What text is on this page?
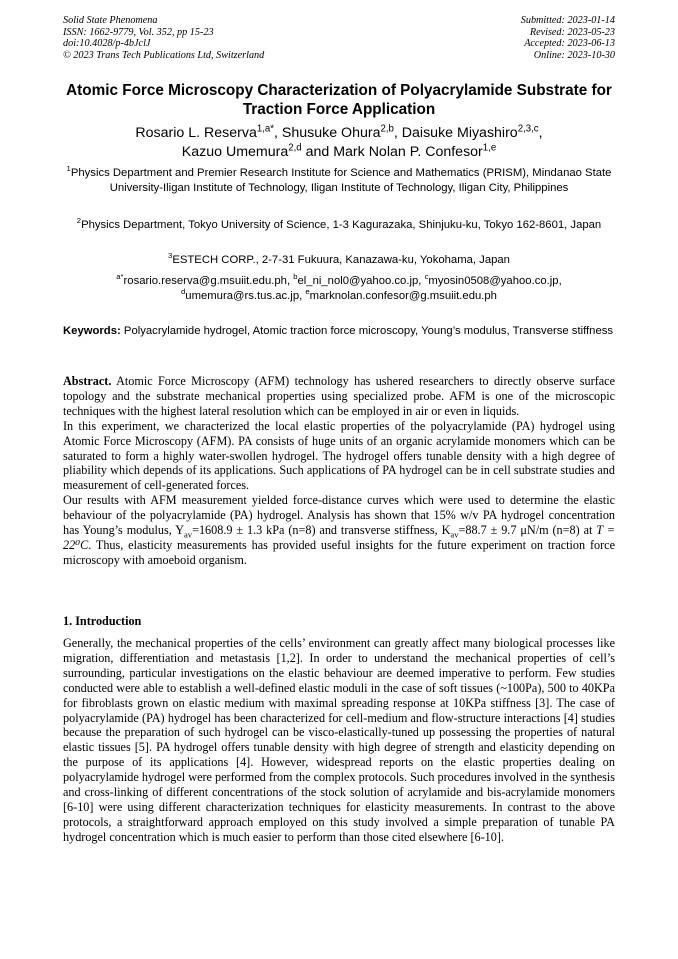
Solid State Phenomena
ISSN: 1662-9779, Vol. 352, pp 15-23
doi:10.4028/p-4bJclJ
© 2023 Trans Tech Publications Ltd, Switzerland
Submitted: 2023-01-14
Revised: 2023-05-23
Accepted: 2023-06-13
Online: 2023-10-30
Atomic Force Microscopy Characterization of Polyacrylamide Substrate for Traction Force Application
Rosario L. Reserva$^{1,a*}$, Shusuke Ohura$^{2,b}$, Daisuke Miyashiro$^{2,3,c}$,
Kazuo Umemura$^{2,d}$ and Mark Nolan P. Confesor$^{1,e}$
$^1$Physics Department and Premier Research Institute for Science and Mathematics (PRISM), Mindanao State University-Iligan Institute of Technology, Iligan Institute of Technology, Iligan City, Philippines
$^2$Physics Department, Tokyo University of Science, 1-3 Kagurazaka, Shinjuku-ku, Tokyo 162-8601, Japan
$^3$ESTECH CORP., 2-7-31 Fukuura, Kanazawa-ku, Yokohama, Japan
$^{a*}$rosario.reserva@g.msuiit.edu.ph, $^b$el_ni_nol0@yahoo.co.jp, $^c$myosin0508@yahoo.co.jp,
$^d$umemura@rs.tus.ac.jp, $^e$marknolan.confesor@g.msuiit.edu.ph
Keywords: Polyacrylamide hydrogel, Atomic traction force microscopy, Young’s modulus, Transverse stiffness

Abstract. Atomic Force Microscopy (AFM) technology has ushered researchers to directly observe surface topology and the substrate mechanical properties using specialized probe. AFM is one of the microscopic techniques with the highest lateral resolution which can be employed in air or even in liquids.

In this experiment, we characterized the local elastic properties of the polyacrylamide (PA) hydrogel using Atomic Force Microscopy (AFM). PA consists of huge units of an organic acrylamide monomers which can be saturated to form a highly water-swollen hydrogel. The hydrogel offers tunable density with a high degree of pliability which depends of its applications. Such applications of PA hydrogel can be in cell substrate studies and measurement of cell-generated forces.

Our results with AFM measurement yielded force-distance curves which were used to determine the elastic behaviour of the polyacrylamide (PA) hydrogel. Analysis has shown that 15% w/v PA hydrogel concentration has Young’s modulus, $Y_{av}=1608.9 \pm 1.3$ kPa (n=8) and transverse stiffness, $K_{av}=88.7 \pm 9.7$ μN/m (n=8) at T = 22⁰C. Thus, elasticity measurements has provided useful insights for the future experiment on traction force microscopy with amoeboid organism.

1. Introduction

Generally, the mechanical properties of the cells’ environment can greatly affect many biological processes like migration, differentiation and metastasis [1,2]. In order to understand the mechanical properties of cell’s surrounding, particular investigations on the elastic behaviour are deemed imperative to perform. Few studies conducted were able to establish a well-defined elastic moduli in the case of soft tissues (~100Pa), 500 to 40KPa for fibroblasts grown on elastic medium with maximal spreading response at 10KPa stiffness [3]. The case of polyacrylamide (PA) hydrogel has been characterized for cell-medium and flow-structure interactions [4] studies because the preparation of such hydrogel can be visco-elastically-tuned up possessing the properties of natural elastic tissues [5]. PA hydrogel offers tunable density with high degree of strength and elasticity depending on the purpose of its applications [4]. However, widespread reports on the elastic properties dealing on polyacrylamide hydrogel were performed from the complex protocols. Such procedures involved in the synthesis and cross-linking of different concentrations of the stock solution of acrylamide and bis-acrylamide monomers [6-10] were using different characterization techniques for elasticity measurements. In contrast to the above protocols, a straightforward approach employed on this study involved a simple preparation of tunable PA hydrogel concentration which is much easier to perform than those cited elsewhere [6-10].
